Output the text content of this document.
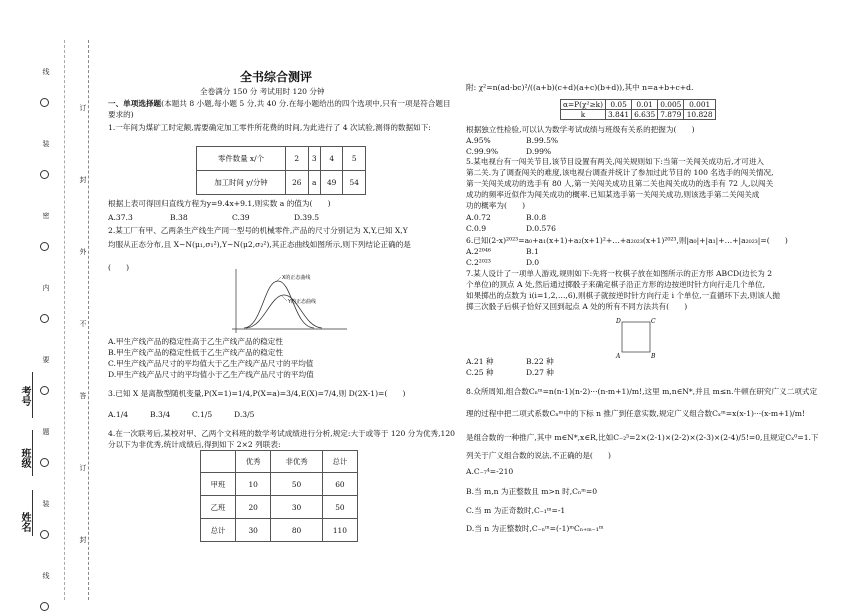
线
订
装
封
密
外
内
不
要
答
题
订
装
封
线
考号
班级
姓名
全书综合测评
全卷满分 150 分 考试用时 120 分钟
一、单项选择题(本题共 8 小题,每小题 5 分,共 40 分.在每小题给出的四个选项中,只有一项是符合题目要求的)
1.一年间为煤矿工时定额,需要确定加工零件所花费的时间,为此进行了 4 次试验,测得的数据如下:
零件数量 x/个	2	3	4	5
加工时间 y/分钟	26	a	49	54
根据上表可得回归直线方程为y=9.4x+9.1,则实数 a 的值为(　　)
A.37.3	B.38	C.39	D.39.5
2.某工厂有甲、乙两条生产线生产同一型号的机械零件,产品的尺寸分别记为 X,Y,已知 X,Y
均服从正态分布,且 X~N(μ₁,σ₁²),Y~N(μ2,σ₂²),其正态曲线如图所示,则下列结论正确的是
(　　)
X的正态曲线
Y的正态曲线
A.甲生产线产品的稳定性高于乙生产线产品的稳定性
B.甲生产线产品的稳定性低于乙生产线产品的稳定性
C.甲生产线产品尺寸的平均值大于乙生产线产品尺寸的平均值
D.甲生产线产品尺寸的平均值小于乙生产线产品尺寸的平均值
3.已知 X 是离散型随机变量,P(X=1)=1/4,P(X=a)=3/4,E(X)=7/4,则 D(2X-1)=(　　)
A.1/4	B.3/4	C.1/5	D.3/5
4.在一次联考后,某校对甲、乙两个文科班的数学考试成绩进行分析,规定:大于或等于 120 分为优秀,120 分以下为非优秀,统计成绩后,得到如下 2×2 列联表:
	优秀	非优秀	总计
甲班	10	50	60
乙班	20	30	50
总计	30	80	110
附: χ²=n(ad-bc)²/((a+b)(c+d)(a+c)(b+d)),其中 n=a+b+c+d.
α=P(χ²≥k)	0.05	0.01	0.005	0.001
k	3.841	6.635	7.879	10.828
根据独立性检验,可以认为数学考试成绩与班级有关系的把握为(　　)
A.95%	B.99.5%C.99.9%	D.99%
5.某电视台有一闯关节目,该节目设置有两关,闯关规则如下:当第一关闯关成功后,才可进入
第二关.为了调查闯关的难度,该电视台调查并统计了参加过此节目的 100 名选手的闯关情况,
第一关闯关成功的选手有 80 人,第一关闯关成功且第二关也闯关成功的选手有 72 人,以闯关
成功的频率近似作为闯关成功的概率.已知某选手第一关闯关成功,则该选手第二关闯关成
功的概率为(　　)
A.0.72	B.0.8C.0.9	D.0.576
6.已知(2-x)²⁰²³=a₀+a₁(x+1)+a₂(x+1)²+…+a₂₀₂₃(x+1)²⁰²³,则|a₀|+|a₁|+…+|a₂₀₂₃|=(　　)
A.2²⁰⁴⁶	B.1C.2²⁰²³	D.0
7.某人设计了一项单人游戏,规则如下:先将一枚棋子放在如图所示的正方形 ABCD(边长为 2
个单位)的顶点 A 处,然后通过掷骰子来确定棋子沿正方形的边按逆时针方向行走几个单位,
如果掷出的点数为 i(i=1,2,…,6),则棋子就按逆时针方向行走 i 个单位,一直循环下去,则该人抛
掷三次骰子后棋子恰好又回到起点 A 处的所有不同方法共有(　　)
D	C
A	B
A.21 种	B.22 种C.25 种	D.27 种
8.众所周知,组合数Cₙᵐ=n(n-1)(n-2)···(n-m+1)/m!,这里 m,n∈N*,并且 m≤n.牛顿在研究广义二项式定
理的过程中把二项式系数Cₙᵐ中的下标 n 推广到任意实数,规定广义组合数Cₓᵐ=x(x-1)···(x-m+1)/m!
是组合数的一种推广,其中 m∈N*,x∈R,比如C₋₂⁵=2×(2-1)×(2-2)×(2-3)×(2-4)/5!=0,且规定Cₓ⁰=1.下
列关于广义组合数的说法,不正确的是(　　)
A.C₋₇⁴=-210
B.当 m,n 为正整数且 m>n 时,Cₙᵐ=0
C.当 m 为正奇数时,C₋₁ᵐ=-1
D.当 n 为正整数时,C₋ₙᵐ=(-1)ᵐCₙ₊ₘ₋₁ᵐ
